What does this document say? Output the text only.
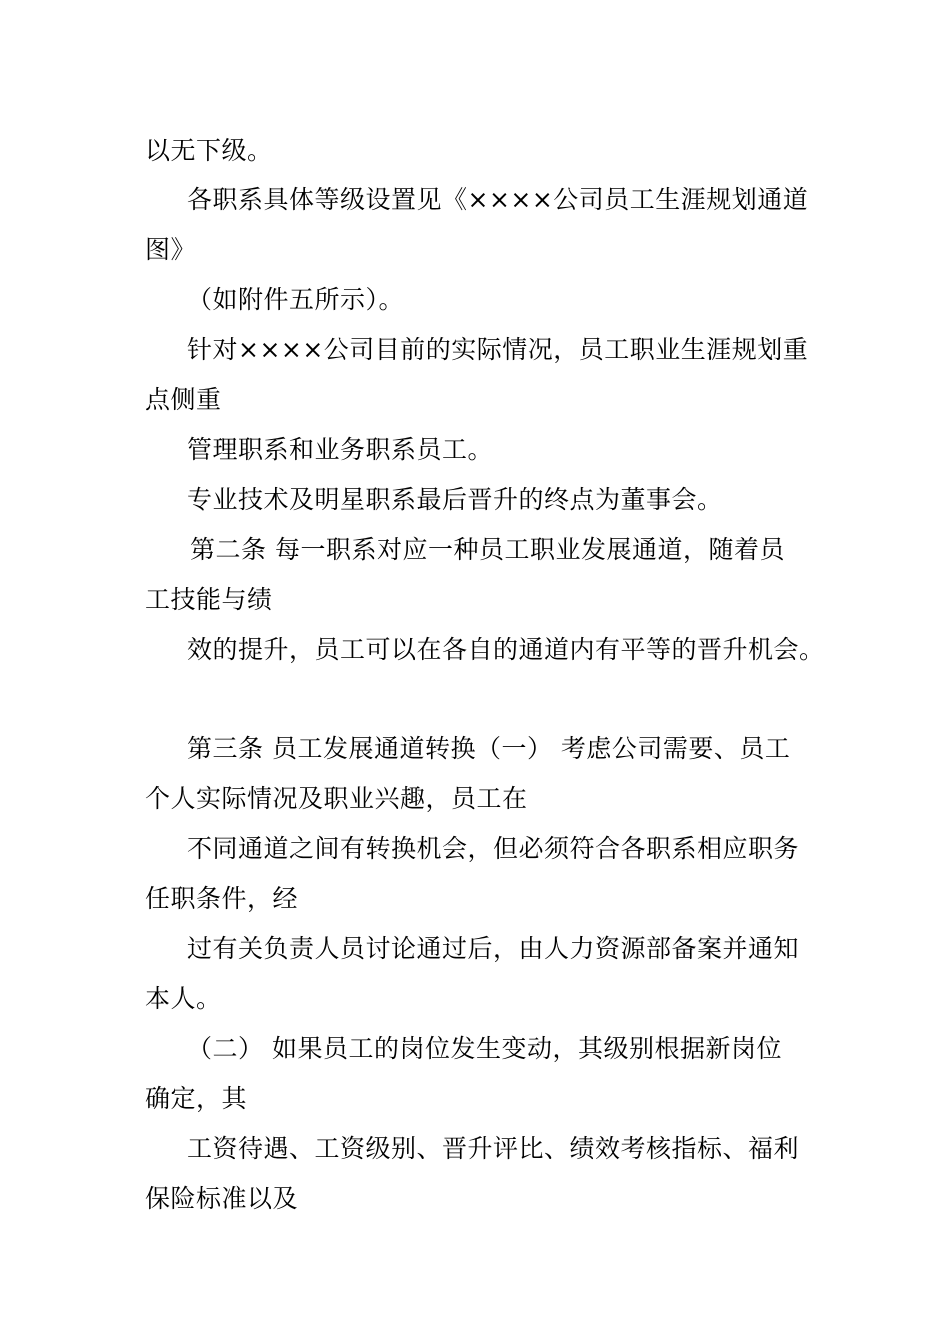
以无下级。
各职系具体等级设置见《××××公司员工生涯规划通道
图》
（如附件五所示）。
针对××××公司目前的实际情况，员工职业生涯规划重
点侧重
管理职系和业务职系员工。
专业技术及明星职系最后晋升的终点为董事会。
第二条 每一职系对应一种员工职业发展通道，随着员
工技能与绩
效的提升，员工可以在各自的通道内有平等的晋升机会。
第三条 员工发展通道转换（一） 考虑公司需要、员工
个人实际情况及职业兴趣，员工在
不同通道之间有转换机会，但必须符合各职系相应职务
任职条件，经
过有关负责人员讨论通过后，由人力资源部备案并通知
本人。
（二） 如果员工的岗位发生变动，其级别根据新岗位
确定，其
工资待遇、工资级别、晋升评比、绩效考核指标、福利
保险标准以及
